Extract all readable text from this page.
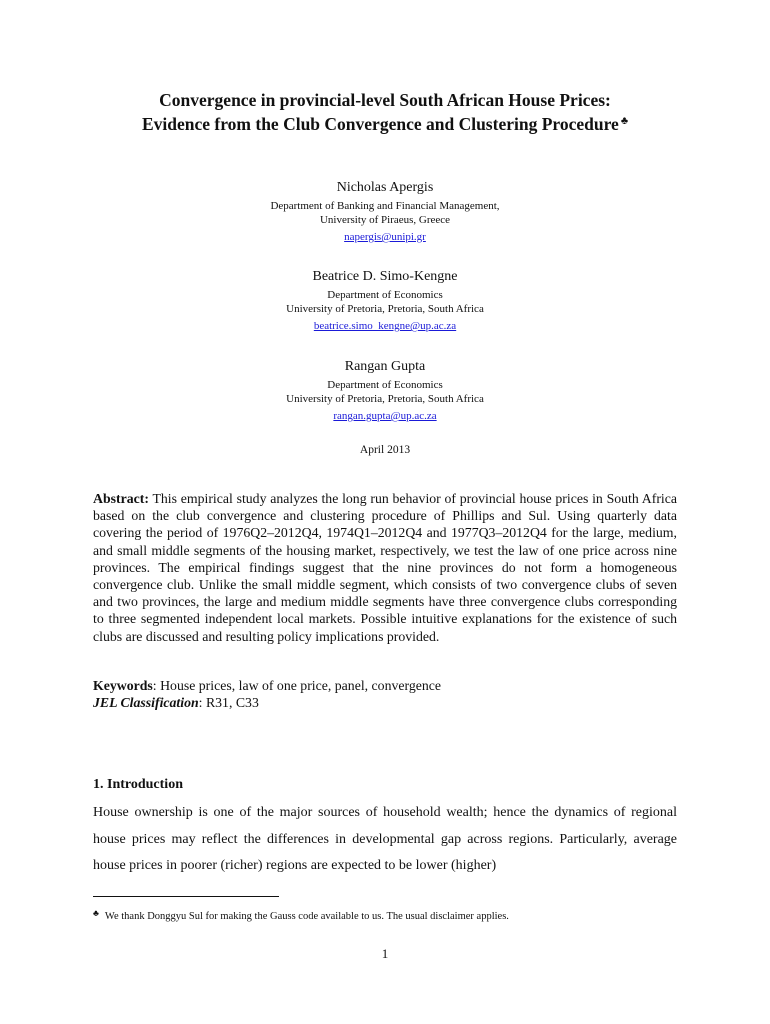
Convergence in provincial-level South African House Prices:
Evidence from the Club Convergence and Clustering Procedure ♣
Nicholas Apergis
Department of Banking and Financial Management,
University of Piraeus, Greece
napergis@unipi.gr
Beatrice D. Simo-Kengne
Department of Economics
University of Pretoria, Pretoria, South Africa
beatrice.simo_kengne@up.ac.za
Rangan Gupta
Department of Economics
University of Pretoria, Pretoria, South Africa
rangan.gupta@up.ac.za
April 2013
Abstract: This empirical study analyzes the long run behavior of provincial house prices in South Africa based on the club convergence and clustering procedure of Phillips and Sul. Using quarterly data covering the period of 1976Q2–2012Q4, 1974Q1–2012Q4 and 1977Q3–2012Q4 for the large, medium, and small middle segments of the housing market, respectively, we test the law of one price across nine provinces. The empirical findings suggest that the nine provinces do not form a homogeneous convergence club. Unlike the small middle segment, which consists of two convergence clubs of seven and two provinces, the large and medium middle segments have three convergence clubs corresponding to three segmented independent local markets. Possible intuitive explanations for the existence of such clubs are discussed and resulting policy implications provided.
Keywords: House prices, law of one price, panel, convergence
JEL Classification: R31, C33
1. Introduction
House ownership is one of the major sources of household wealth; hence the dynamics of regional house prices may reflect the differences in developmental gap across regions. Particularly, average house prices in poorer (richer) regions are expected to be lower (higher)
♣ We thank Donggyu Sul for making the Gauss code available to us. The usual disclaimer applies.
1
